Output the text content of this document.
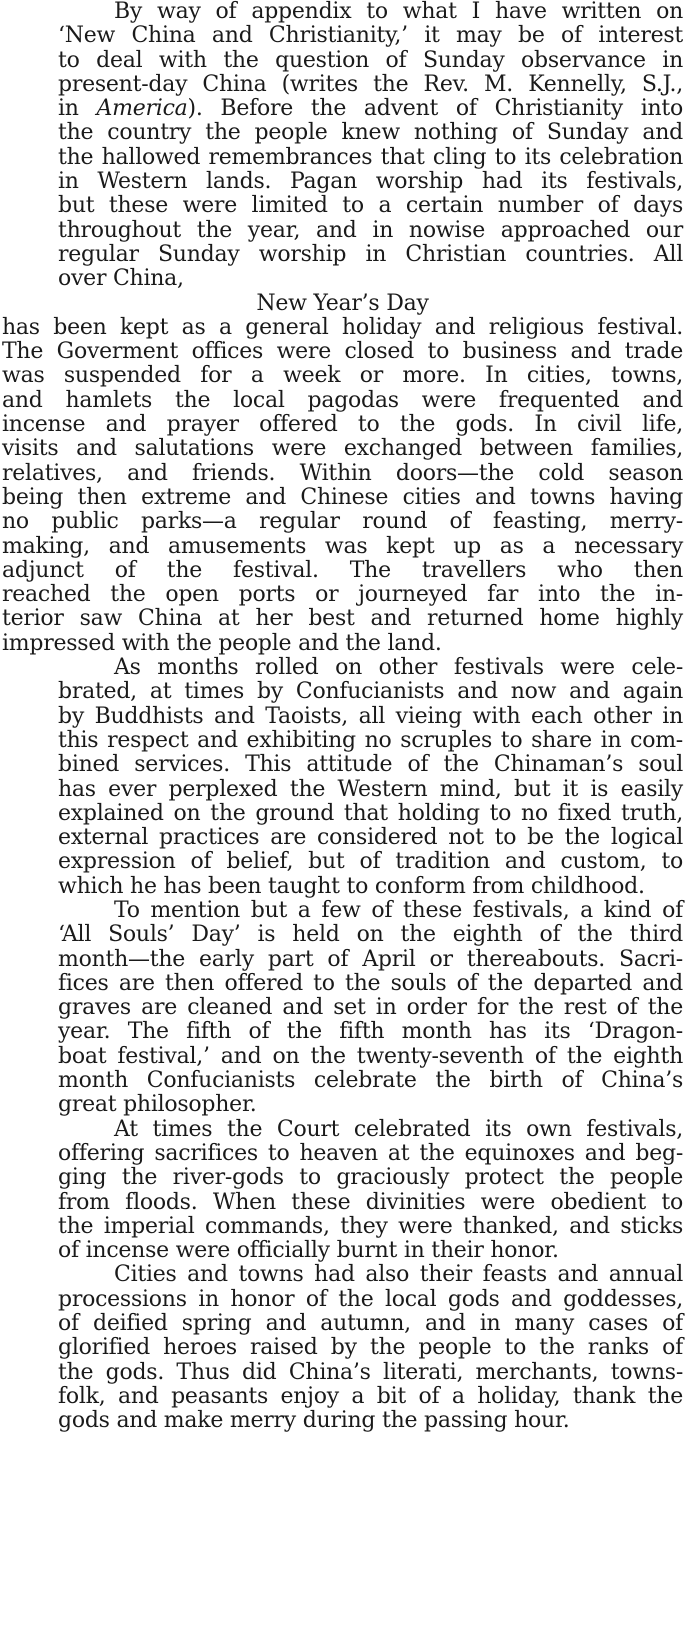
By way of appendix to what I have written on
‘New China and Christianity,’ it may be of interest
to deal with the question of Sunday observance in
present-day China (writes the Rev. M. Kennelly, S.J.,
in America). Before the advent of Christianity into
the country the people knew nothing of Sunday and
the hallowed remembrances that cling to its celebration
in Western lands. Pagan worship had its festivals,
but these were limited to a certain number of days
throughout the year, and in nowise approached our
regular Sunday worship in Christian countries. All
over China,
New Year’s Day
has been kept as a general holiday and religious festival.
The Goverment offices were closed to business and trade
was suspended for a week or more. In cities, towns,
and hamlets the local pagodas were frequented and
incense and prayer offered to the gods. In civil life,
visits and salutations were exchanged between families,
relatives, and friends. Within doors—the cold season
being then extreme and Chinese cities and towns having
no public parks—a regular round of feasting, merry-
making, and amusements was kept up as a necessary
adjunct of the festival. The travellers who then
reached the open ports or journeyed far into the in-
terior saw China at her best and returned home highly
impressed with the people and the land.
As months rolled on other festivals were cele-
brated, at times by Confucianists and now and again
by Buddhists and Taoists, all vieing with each other in
this respect and exhibiting no scruples to share in com-
bined services. This attitude of the Chinaman’s soul
has ever perplexed the Western mind, but it is easily
explained on the ground that holding to no fixed truth,
external practices are considered not to be the logical
expression of belief, but of tradition and custom, to
which he has been taught to conform from childhood.
To mention but a few of these festivals, a kind of
‘All Souls’ Day’ is held on the eighth of the third
month—the early part of April or thereabouts. Sacri-
fices are then offered to the souls of the departed and
graves are cleaned and set in order for the rest of the
year. The fifth of the fifth month has its ‘Dragon-
boat festival,’ and on the twenty-seventh of the eighth
month Confucianists celebrate the birth of China’s
great philosopher.
At times the Court celebrated its own festivals,
offering sacrifices to heaven at the equinoxes and beg-
ging the river-gods to graciously protect the people
from floods. When these divinities were obedient to
the imperial commands, they were thanked, and sticks
of incense were officially burnt in their honor.
Cities and towns had also their feasts and annual
processions in honor of the local gods and goddesses,
of deified spring and autumn, and in many cases of
glorified heroes raised by the people to the ranks of
the gods. Thus did China’s literati, merchants, towns-
folk, and peasants enjoy a bit of a holiday, thank the
gods and make merry during the passing hour.
